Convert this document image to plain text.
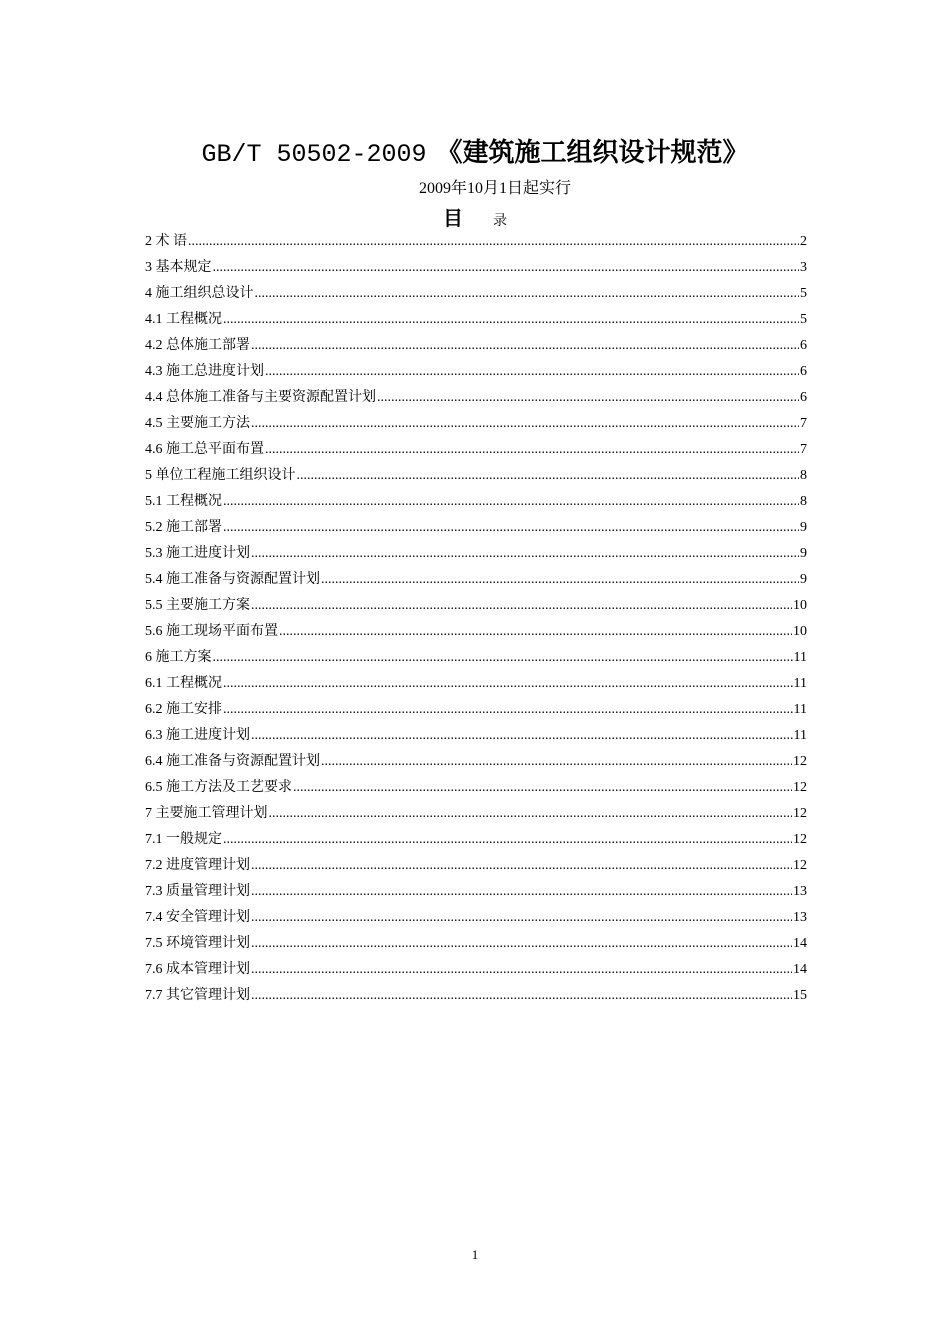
GB/T 50502-2009 《建筑施工组织设计规范》
2009年10月1日起实行
目 录
2 术 语 .....	2
3 基本规定 .....	3
4 施工组织总设计 .....	5
4.1 工程概况 .....	5
4.2 总体施工部署 .....	6
4.3 施工总进度计划 .....	6
4.4 总体施工准备与主要资源配置计划 .....	6
4.5 主要施工方法 .....	7
4.6 施工总平面布置 .....	7
5 单位工程施工组织设计 .....	8
5.1 工程概况 .....	8
5.2 施工部署 .....	9
5.3 施工进度计划 .....	9
5.4 施工准备与资源配置计划 .....	9
5.5 主要施工方案 .....	10
5.6 施工现场平面布置 .....	10
6 施工方案 .....	11
6.1 工程概况 .....	11
6.2 施工安排 .....	11
6.3 施工进度计划 .....	11
6.4 施工准备与资源配置计划 .....	12
6.5 施工方法及工艺要求 .....	12
7 主要施工管理计划 .....	12
7.1 一般规定 .....	12
7.2 进度管理计划 .....	12
7.3 质量管理计划 .....	13
7.4 安全管理计划 .....	13
7.5 环境管理计划 .....	14
7.6 成本管理计划 .....	14
7.7 其它管理计划 .....	15
1
